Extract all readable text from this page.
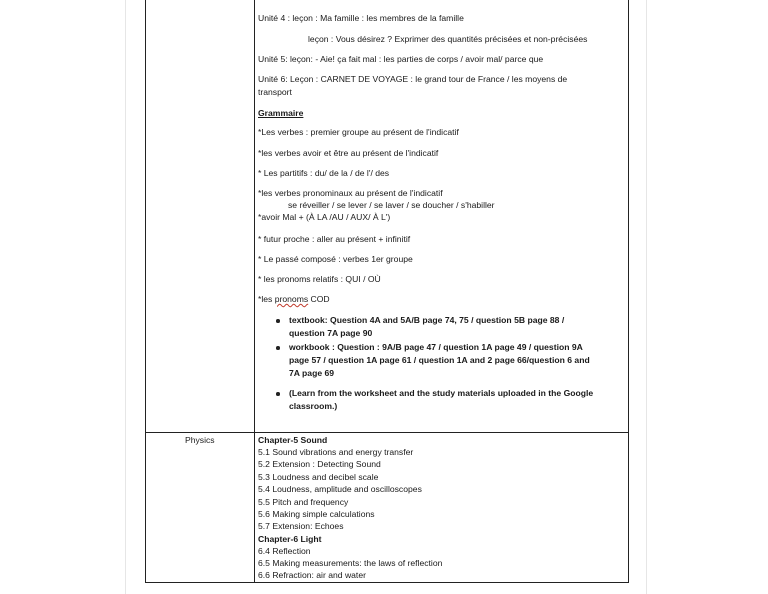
Unité 4 : leçon : Ma famille : les membres de la famille
leçon : Vous désirez ? Exprimer des quantités précisées et non-précisées
Unité 5: leçon: - Aie! ça fait mal : les parties de corps / avoir mal/ parce que
Unité 6: Leçon : CARNET DE VOYAGE : le grand tour de France / les moyens de
transport
Grammaire
*Les verbes : premier groupe au présent de l'indicatif
*les verbes avoir et être au présent de l'indicatif
* Les partitifs : du/ de la / de l'/ des
*les verbes pronominaux au présent de l'indicatif
se réveiller / se lever / se laver / se doucher / s'habiller
*avoir Mal + (À LA /AU / AUX/ À L')
* futur proche : aller au présent + infinitif
* Le passé composé : verbes 1er groupe
* les pronoms relatifs : QUI / OÙ
*les pronoms COD
textbook: Question 4A and 5A/B page 74, 75 / question 5B page 88 /
question 7A page 90
workbook : Question : 9A/B page 47 / question 1A page 49 / question 9A
page 57 / question 1A page 61 / question 1A and 2 page 66/question 6 and
7A page 69
(Learn from the worksheet and the study materials uploaded in the Google
classroom.)
Physics	Chapter-5 Sound
5.1 Sound vibrations and energy transfer
5.2 Extension : Detecting Sound
5.3 Loudness and decibel scale
5.4 Loudness, amplitude and oscilloscopes
5.5 Pitch and frequency
5.6 Making simple calculations
5.7 Extension: Echoes
Chapter-6 Light
6.4 Reflection
6.5 Making measurements: the laws of reflection
6.6 Refraction: air and water
